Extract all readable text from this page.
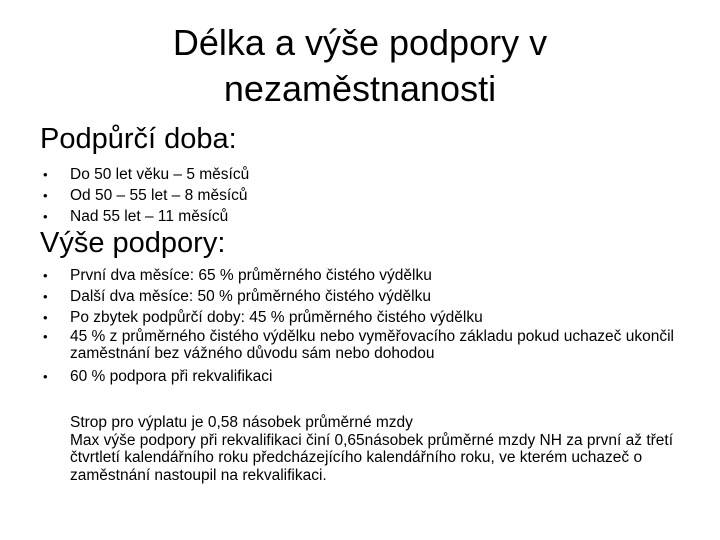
Délka a výše podpory v
nezaměstnanosti
Podpůrčí doba:
• Do 50 let věku – 5 měsíců
• Od 50 – 55 let – 8 měsíců
• Nad 55 let – 11 měsíců
Výše podpory:
• První dva měsíce: 65 % průměrného čistého výdělku
• Další dva měsíce: 50 % průměrného čistého výdělku
• Po zbytek podpůrčí doby: 45 % průměrného čistého výdělku
• 45 % z průměrného čistého výdělku nebo vyměřovacího základu pokud uchazeč ukončil zaměstnání bez vážného důvodu sám nebo dohodou
• 60 % podpora při rekvalifikaci

Strop pro výplatu je 0,58 násobek průměrné mzdy

Max výše podpory při rekvalifikaci činí 0,65násobek průměrné mzdy NH za první až třetí čtvrtletí kalendářního roku předcházejícího kalendářního roku, ve kterém uchazeč o zaměstnání nastoupil na rekvalifikaci.
